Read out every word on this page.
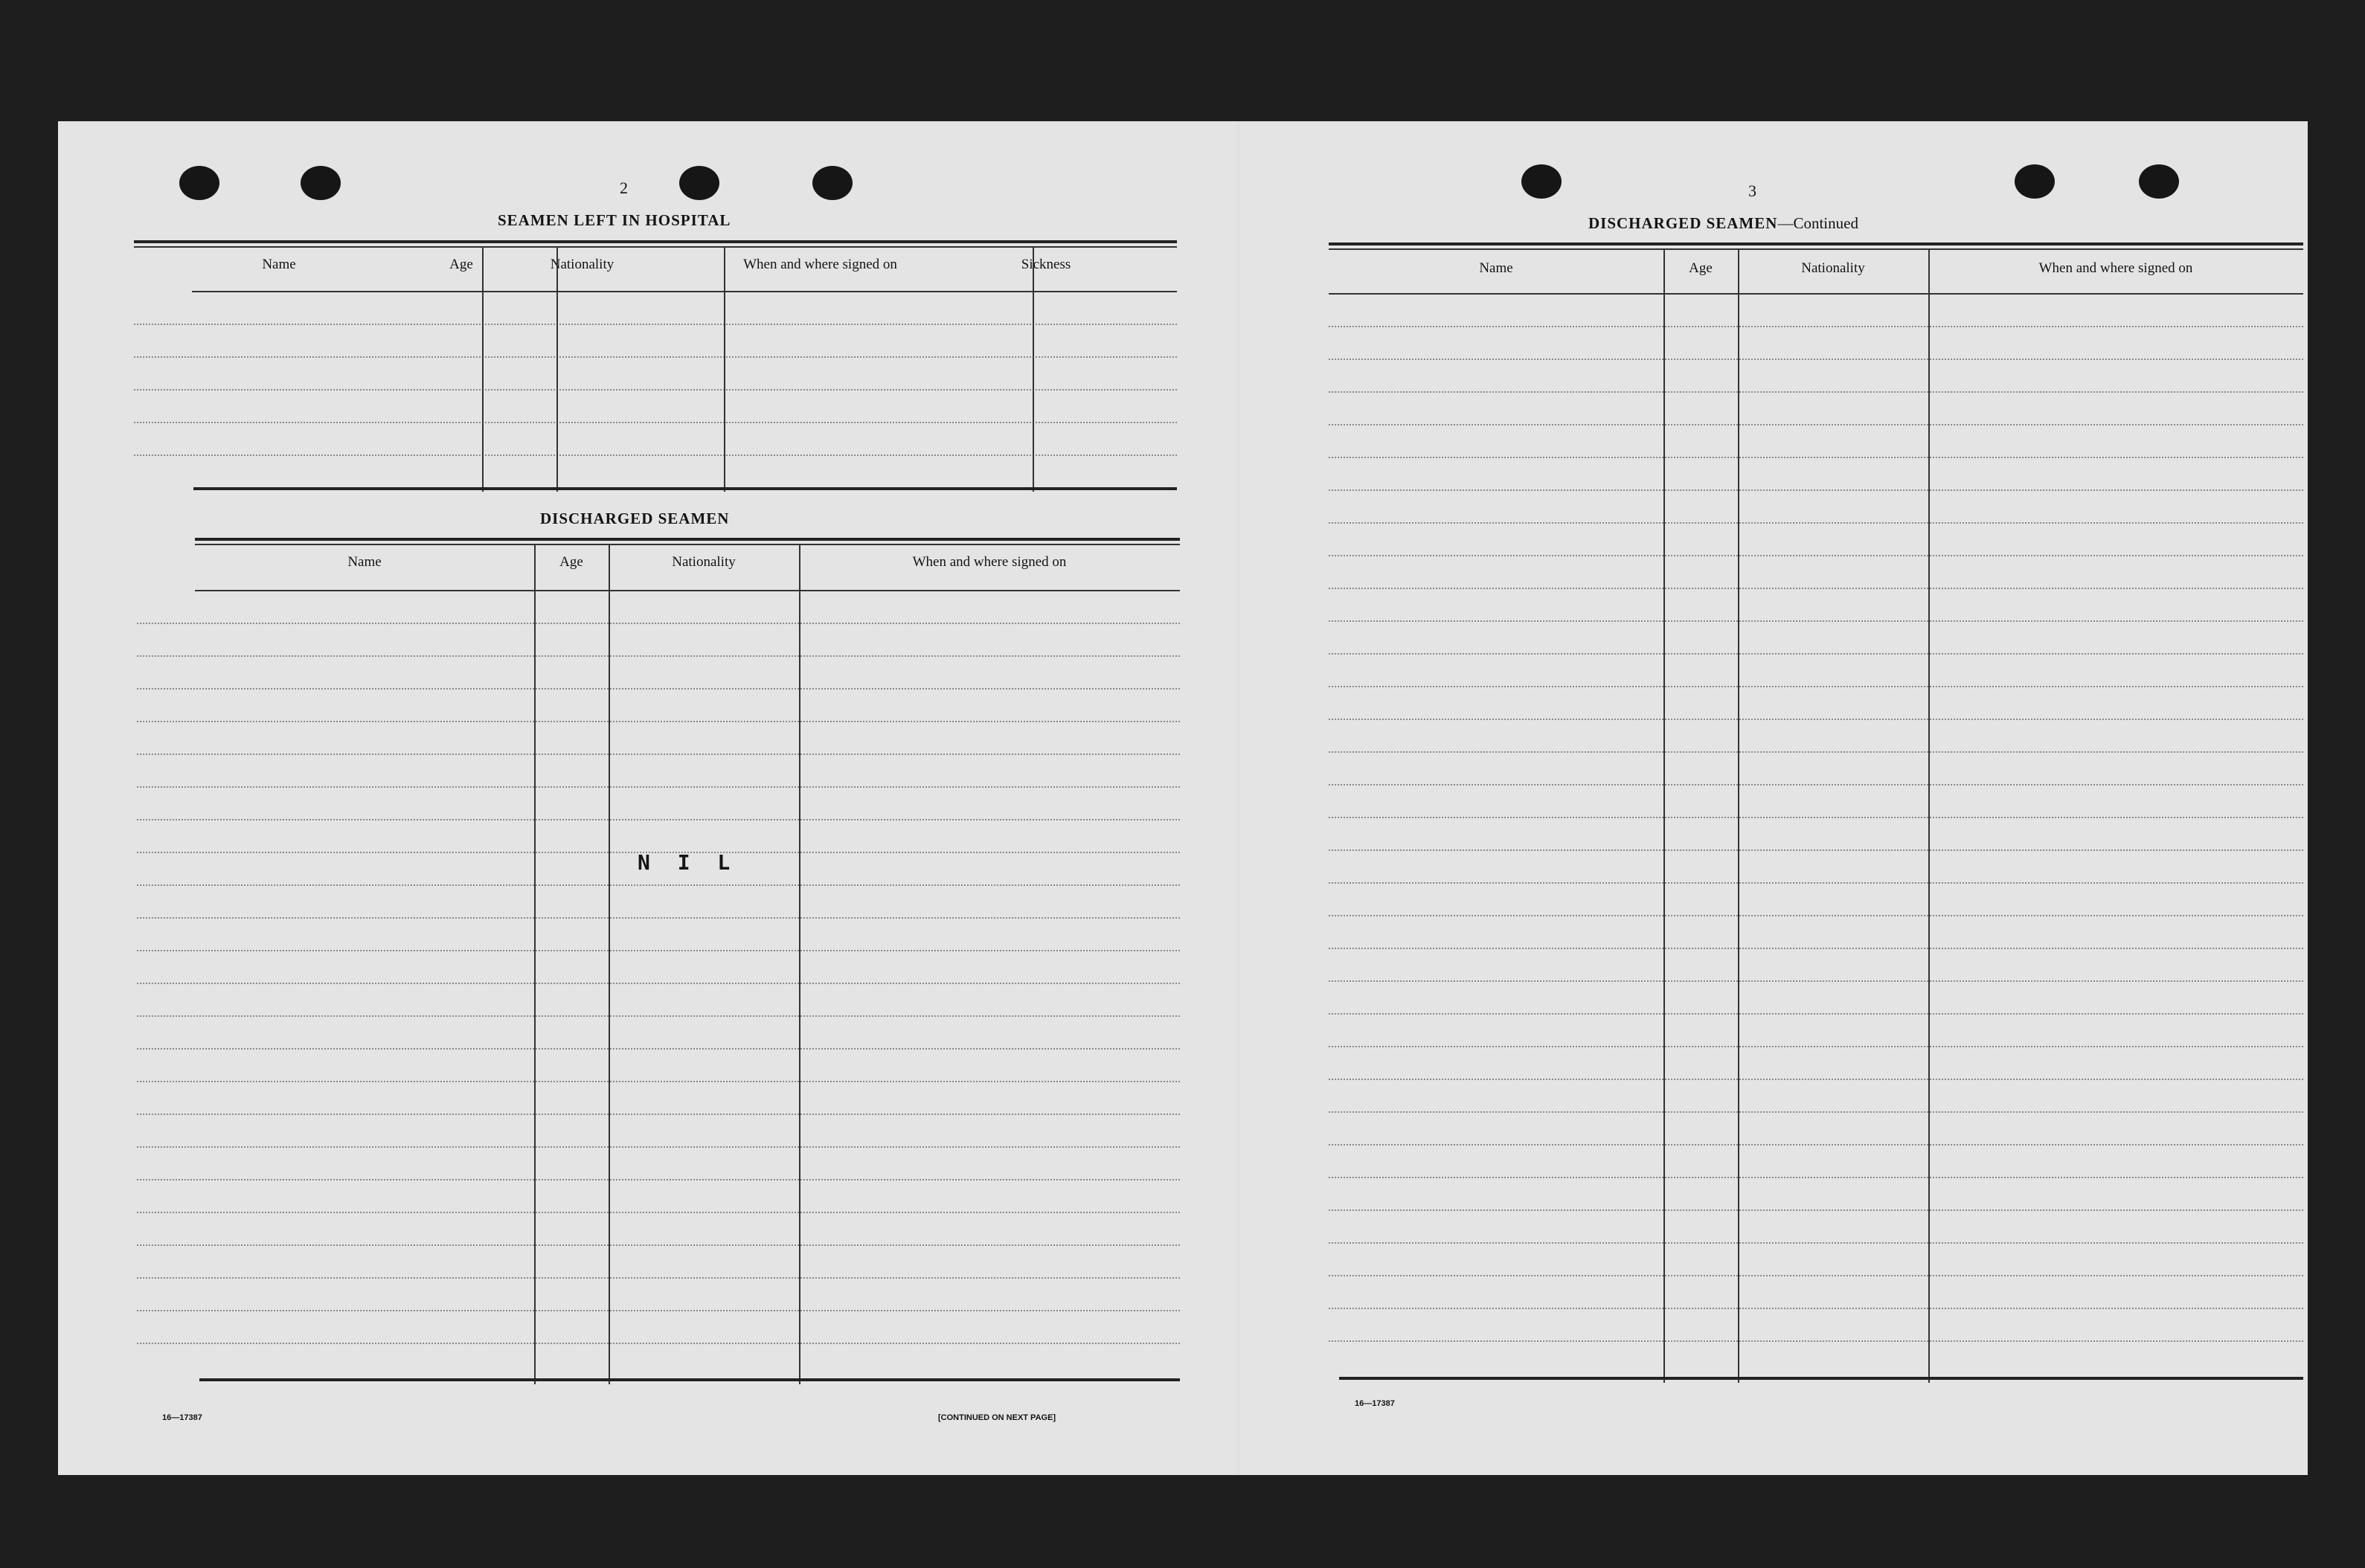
2
SEAMEN LEFT IN HOSPITAL
Name	Age	Nationality	When and where signed on	Sickness
DISCHARGED SEAMEN
Name	Age	Nationality	When and where signed on
N I L
16—17387	[CONTINUED ON NEXT PAGE]
3
DISCHARGED SEAMEN—Continued
Name	Age	Nationality	When and where signed on
16—17387
